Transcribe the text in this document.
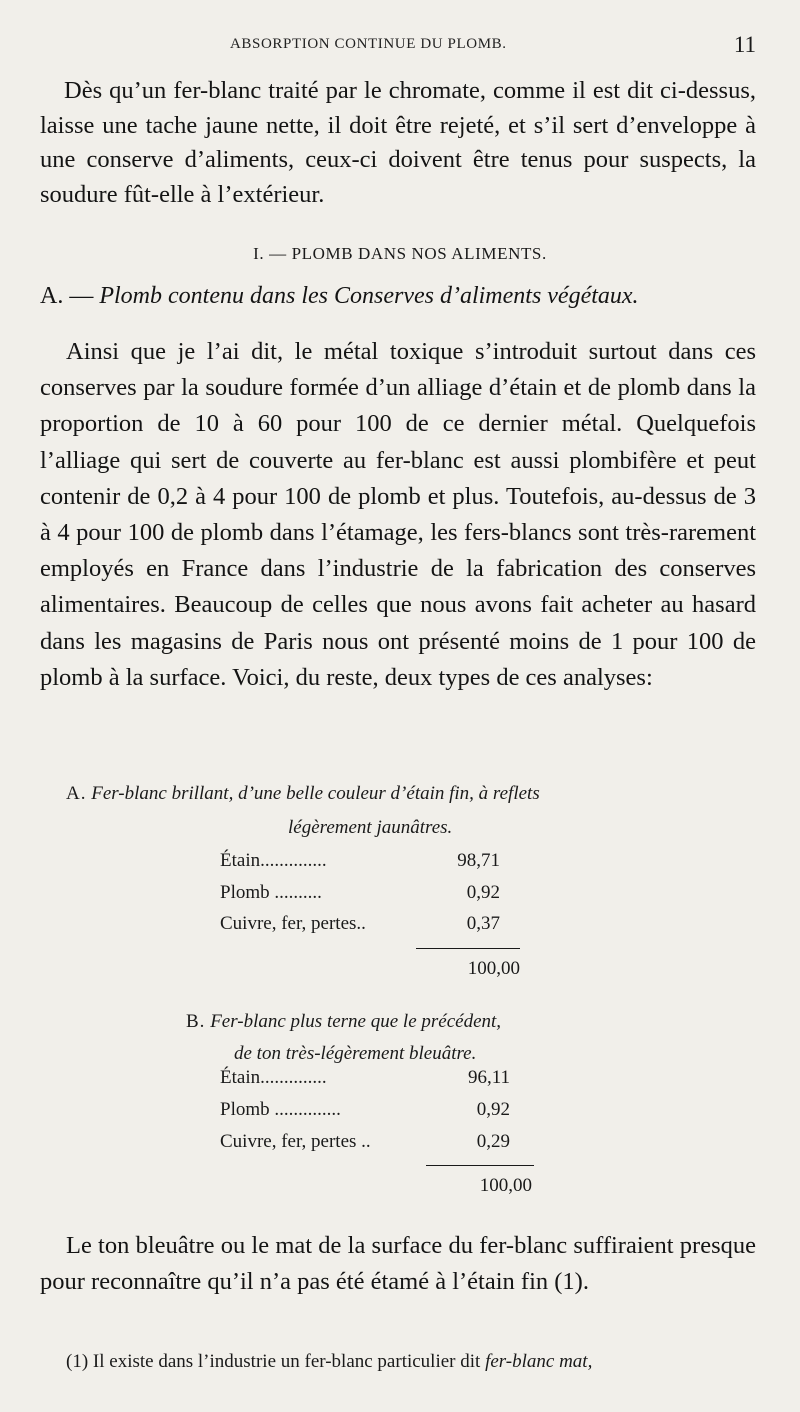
ABSORPTION CONTINUE DU PLOMB.	11

Dès qu’un fer-blanc traité par le chromate, comme il est dit ci-dessus, laisse une tache jaune nette, il doit être rejeté, et s’il sert d’enveloppe à une conserve d’aliments, ceux-ci doivent être tenus pour suspects, la soudure fût-elle à l’extérieur.

I. — PLOMB DANS NOS ALIMENTS.
A. — Plomb contenu dans les Conserves d’aliments végétaux.

Ainsi que je l’ai dit, le métal toxique s’introduit surtout dans ces conserves par la soudure formée d’un alliage d’étain et de plomb dans la proportion de 10 à 60 pour 100 de ce dernier métal. Quelquefois l’alliage qui sert de couverte au fer-blanc est aussi plombifère et peut contenir de 0,2 à 4 pour 100 de plomb et plus. Toutefois, au-dessus de 3 à 4 pour 100 de plomb dans l’étamage, les fers-blancs sont très-rarement employés en France dans l’industrie de la fabrication des conserves alimentaires. Beaucoup de celles que nous avons fait acheter au hasard dans les magasins de Paris nous ont présenté moins de 1 pour 100 de plomb à la surface. Voici, du reste, deux types de ces analyses:

A. Fer-blanc brillant, d’une belle couleur d’étain fin, à reflets
légèrement jaunâtres.
Étain..............	98,71
Plomb ..........	0,92
Cuivre, fer, pertes..	0,37
100,00
B. Fer-blanc plus terne que le précédent,
de ton très-légèrement bleuâtre.
Étain..............	96,11
Plomb ..............	0,92
Cuivre, fer, pertes ..	0,29
100,00

Le ton bleuâtre ou le mat de la surface du fer-blanc suffiraient presque pour reconnaître qu’il n’a pas été étamé à l’étain fin (1).

(1) Il existe dans l’industrie un fer-blanc particulier dit fer-blanc mat,
